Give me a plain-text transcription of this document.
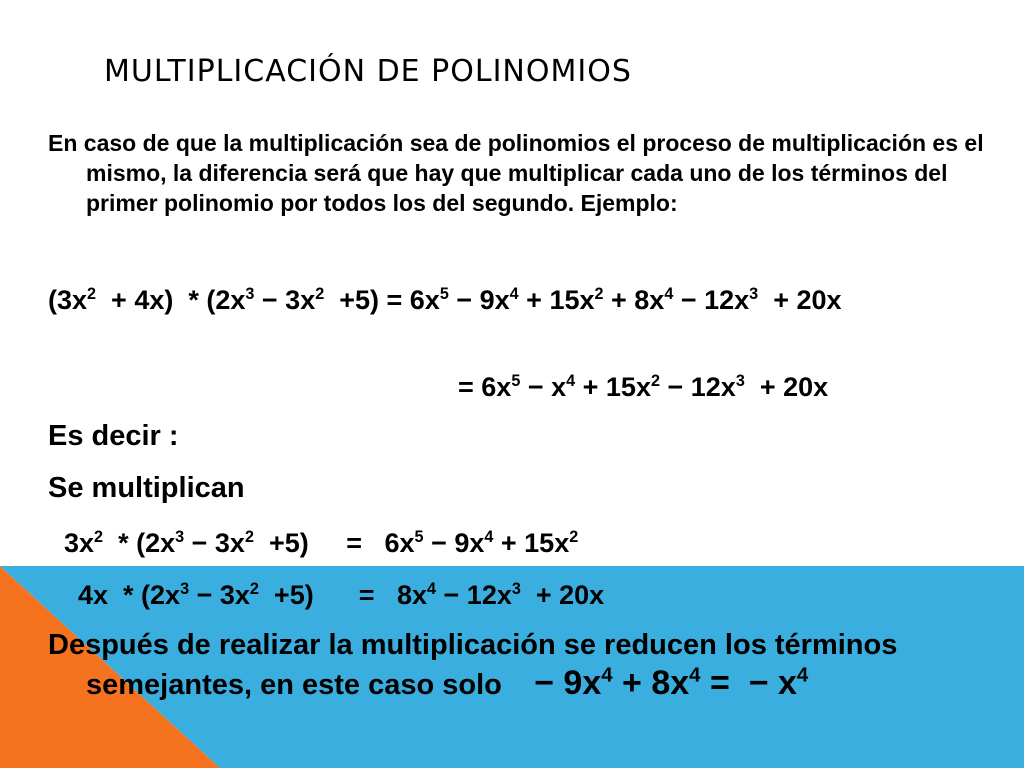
MULTIPLICACIÓN DE POLINOMIOS

En caso de que la multiplicación sea de polinomios el proceso de multiplicación es el mismo, la diferencia será que hay que multiplicar cada uno de los términos del primer polinomio por todos los del segundo. Ejemplo:

$(3x^2 + 4x) * (2x^3 - 3x^2 +5) = 6x^5 - 9x^4 + 15x^2 + 8x^4 - 12x^3 + 20x$
= $6x^5 - x^4 + 15x^2 - 12x^3 + 20x$
Es decir :
Se multiplican
$3x^2 * (2x^3 - 3x^2 +5)$     =   $6x^5 - 9x^4 + 15x^2$
$4x * (2x^3 - 3x^2 +5)$      =   $8x^4 - 12x^3 + 20x$

Después de realizar la multiplicación se reducen los términos semejantes, en este caso solo − $9x^4 + 8x^4$ =  − $x^4$
